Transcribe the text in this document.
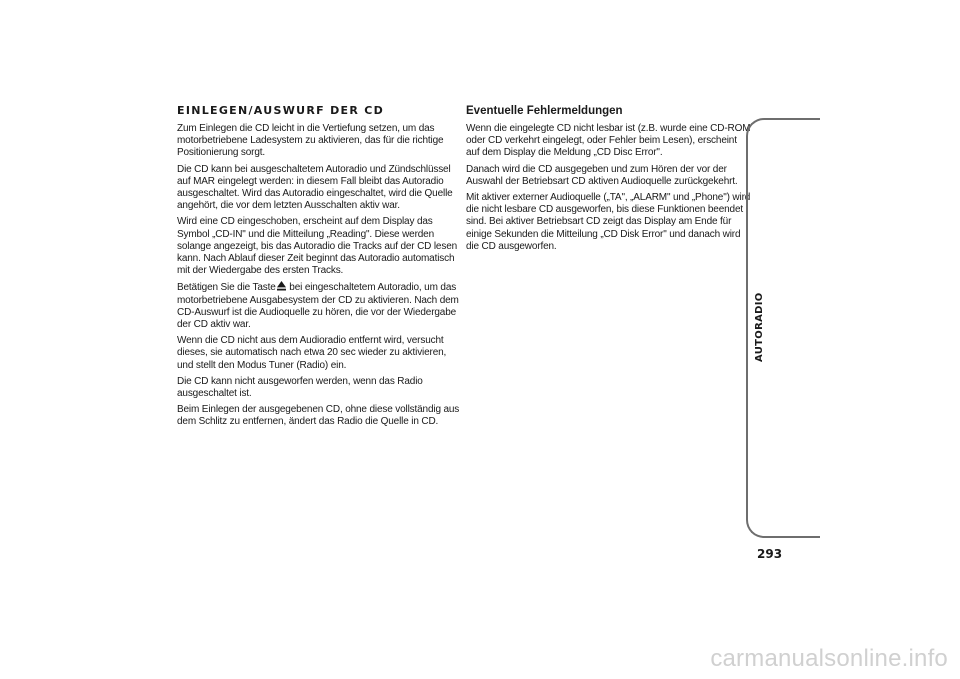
EINLEGEN/AUSWURF DER CD

Zum Einlegen die CD leicht in die Vertiefung setzen, um das motorbetriebene Ladesystem zu aktivieren, das für die richtige Positionierung sorgt.

Die CD kann bei ausgeschaltetem Autoradio und Zündschlüssel auf MAR eingelegt werden: in diesem Fall bleibt das Autoradio ausgeschaltet. Wird das Autoradio eingeschaltet, wird die Quelle angehört, die vor dem letzten Ausschalten aktiv war.

Wird eine CD eingeschoben, erscheint auf dem Display das Symbol „CD-IN" und die Mitteilung „Reading". Diese werden solange angezeigt, bis das Autoradio die Tracks auf der CD lesen kann. Nach Ablauf dieser Zeit beginnt das Autoradio automatisch mit der Wiedergabe des ersten Tracks.

Betätigen Sie die Taste bei eingeschaltetem Autoradio, um das motorbetriebene Ausgabesystem der CD zu aktivieren. Nach dem CD-Auswurf ist die Audioquelle zu hören, die vor der Wiedergabe der CD aktiv war.

Wenn die CD nicht aus dem Audioradio entfernt wird, versucht dieses, sie automatisch nach etwa 20 sec wieder zu aktivieren, und stellt den Modus Tuner (Radio) ein.

Die CD kann nicht ausgeworfen werden, wenn das Radio ausgeschaltet ist.

Beim Einlegen der ausgegebenen CD, ohne diese vollständig aus dem Schlitz zu entfernen, ändert das Radio die Quelle in CD.

Eventuelle Fehlermeldungen

Wenn die eingelegte CD nicht lesbar ist (z.B. wurde eine CD-ROM oder CD verkehrt eingelegt, oder Fehler beim Lesen), erscheint auf dem Display die Meldung „CD Disc Error".

Danach wird die CD ausgegeben und zum Hören der vor der Auswahl der Betriebsart CD aktiven Audioquelle zurückgekehrt.

Mit aktiver externer Audioquelle („TA", „ALARM" und „Phone") wird die nicht lesbare CD ausgeworfen, bis diese Funktionen beendet sind. Bei aktiver Betriebsart CD zeigt das Display am Ende für einige Sekunden die Mitteilung „CD Disk Error" und danach wird die CD ausgeworfen.

AUTORADIO
293
carmanualsonline.info
